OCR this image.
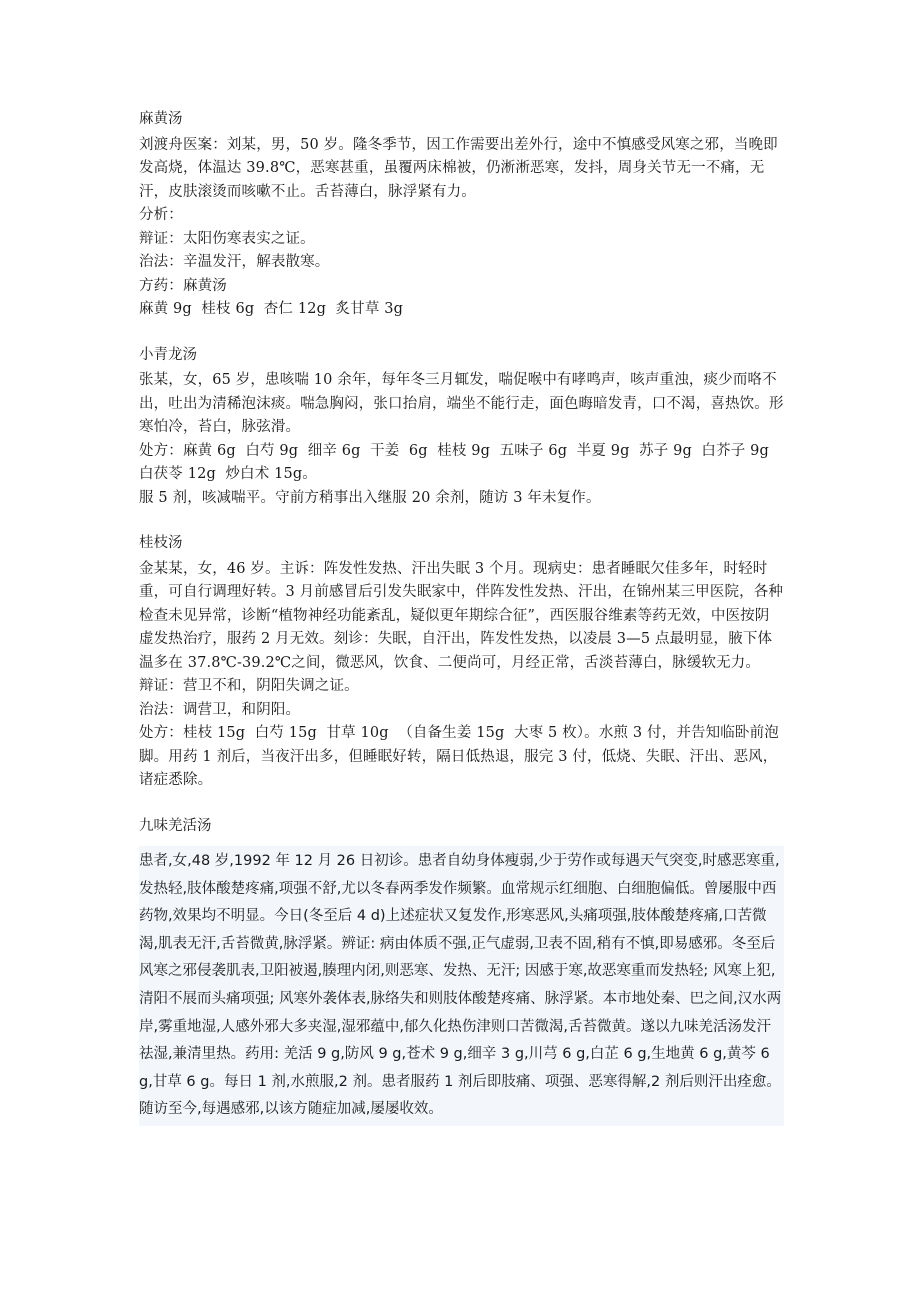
麻黄汤
刘渡舟医案：刘某，男，50 岁。隆冬季节，因工作需要出差外行，途中不慎感受风寒之邪，当晚即发高烧，体温达 39.8℃，恶寒甚重，虽覆两床棉被，仍淅淅恶寒，发抖，周身关节无一不痛，无汗，皮肤滚烫而咳嗽不止。舌苔薄白，脉浮紧有力。
分析：
辩证：太阳伤寒表实之证。
治法：辛温发汗，解表散寒。
方药：麻黄汤
麻黄 9g  桂枝 6g  杏仁 12g  炙甘草 3g
小青龙汤
张某，女，65 岁，患咳喘 10 余年，每年冬三月辄发，喘促喉中有哮鸣声，咳声重浊，痰少而咯不出，吐出为清稀泡沫痰。喘急胸闷，张口抬肩，端坐不能行走，面色晦暗发青，口不渴，喜热饮。形寒怕冷，苔白，脉弦滑。
处方：麻黄 6g  白芍 9g  细辛 6g  干姜  6g  桂枝 9g  五味子 6g  半夏 9g  苏子 9g  白芥子 9g  白茯苓 12g  炒白术 15g。
服 5 剂，咳减喘平。守前方稍事出入继服 20 余剂，随访 3 年未复作。
桂枝汤
金某某，女，46 岁。主诉：阵发性发热、汗出失眠 3 个月。现病史：患者睡眠欠佳多年，时轻时重，可自行调理好转。3 月前感冒后引发失眠家中，伴阵发性发热、汗出，在锦州某三甲医院，各种检查未见异常，诊断“植物神经功能紊乱，疑似更年期综合征”，西医服谷维素等药无效，中医按阴虚发热治疗，服药 2 月无效。刻诊：失眠，自汗出，阵发性发热，以凌晨 3—5 点最明显，腋下体温多在 37.8℃-39.2℃之间，微恶风，饮食、二便尚可，月经正常，舌淡苔薄白，脉缓软无力。
辩证：营卫不和，阴阳失调之证。
治法：调营卫，和阴阳。
处方：桂枝 15g  白芍 15g  甘草 10g  （自备生姜 15g  大枣 5 枚）。水煎 3 付，并告知临卧前泡脚。用药 1 剂后，当夜汗出多，但睡眠好转，隔日低热退，服完 3 付，低烧、失眠、汗出、恶风，诸症悉除。
九味羌活汤
患者,女,48 岁,1992 年 12 月 26 日初诊。患者自幼身体瘦弱,少于劳作或每遇天气突变,时感恶寒重,发热轻,肢体酸楚疼痛,项强不舒,尤以冬春两季发作频繁。血常规示红细胞、白细胞偏低。曾屡服中西药物,效果均不明显。今日(冬至后 4 d)上述症状又复发作,形寒恶风,头痛项强,肢体酸楚疼痛,口苦微渴,肌表无汗,舌苔微黄,脉浮紧。辨证: 病由体质不强,正气虚弱,卫表不固,稍有不慎,即易感邪。冬至后风寒之邪侵袭肌表,卫阳被遏,腠理内闭,则恶寒、发热、无汗; 因感于寒,故恶寒重而发热轻; 风寒上犯,清阳不展而头痛项强; 风寒外袭体表,脉络失和则肢体酸楚疼痛、脉浮紧。本市地处秦、巴之间,汉水两岸,雾重地湿,人感外邪大多夹湿,湿邪蕴中,郁久化热伤津则口苦微渴,舌苔微黄。遂以九味羌活汤发汗祛湿,兼清里热。药用: 羌活 9 g,防风 9 g,苍术 9 g,细辛 3 g,川芎 6 g,白芷 6 g,生地黄 6 g,黄芩 6 g,甘草 6 g。每日 1 剂,水煎服,2 剂。患者服药 1 剂后即肢痛、项强、恶寒得解,2 剂后则汗出痊愈。随访至今,每遇感邪,以该方随症加减,屡屡收效。
